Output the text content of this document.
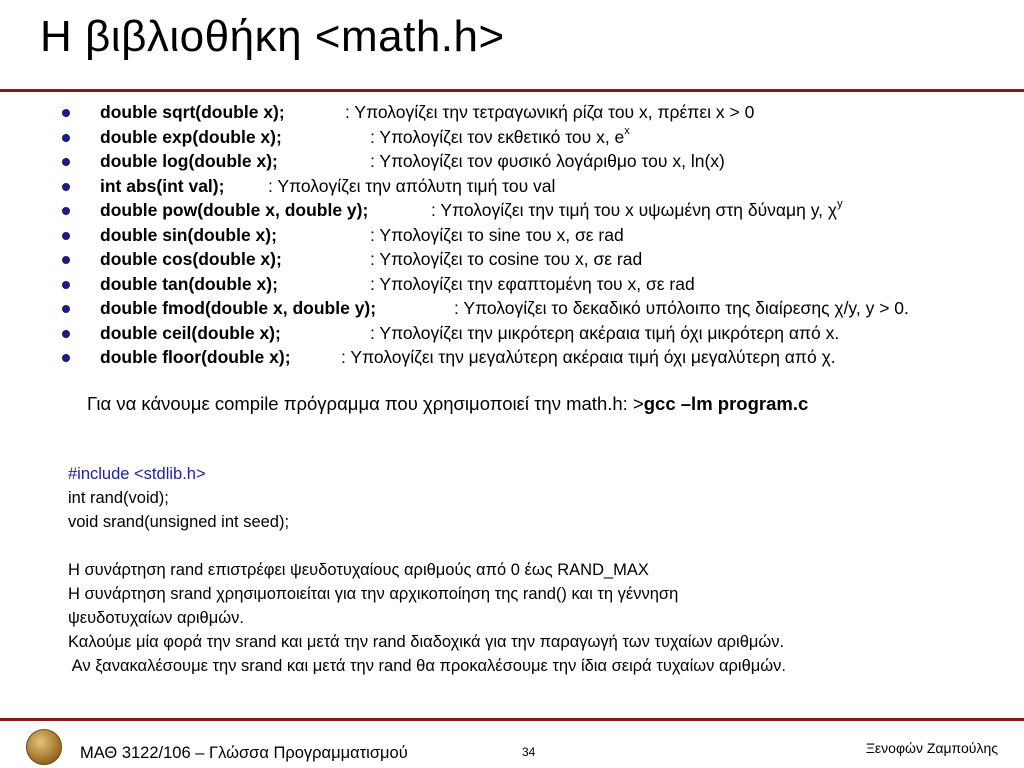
Η βιβλιοθήκη <math.h>
double sqrt(double x);	: Υπολογίζει την τετραγωνική ρίζα του x, πρέπει x > 0
double exp(double x);	: Υπολογίζει τον εκθετικό του x, $e^x$
double log(double x);	: Υπολογίζει τον φυσικό λογάριθμο του x, ln(x)
int abs(int val); : Υπολογίζει την απόλυτη τιμή του val
double pow(double x, double y);	: Υπολογίζει την τιμή του x υψωμένη στη δύναμη y, $\chi^y$
double sin(double x);	: Υπολογίζει το sine του x, σε rad
double cos(double x);	: Υπολογίζει το cosine του x, σε rad
double tan(double x);	: Υπολογίζει την εφαπτομένη του x, σε rad
double fmod(double x, double y);	: Υπολογίζει το δεκαδικό υπόλοιπο της διαίρεσης χ/y, y > 0.
double ceil(double x);	: Υπολογίζει την μικρότερη ακέραια τιμή όχι μικρότερη από x.
double floor(double x);	: Υπολογίζει την μεγαλύτερη ακέραια τιμή όχι μεγαλύτερη από χ.
Για να κάνουμε compile πρόγραμμα που χρησιμοποιεί την math.h: >gcc –lm program.c
#include <stdlib.h>
int rand(void);
void srand(unsigned int seed);
Η συνάρτηση rand επιστρέφει ψευδοτυχαίους αριθμούς από 0 έως RAND_MAX
Η συνάρτηση srand χρησιμοποιείται για την αρχικοποίηση της rand() και τη γέννηση
ψευδοτυχαίων αριθμών.
Καλούμε μία φορά την srand και μετά την rand διαδοχικά για την παραγωγή των τυχαίων αριθμών.
Αν ξανακαλέσουμε την srand και μετά την rand θα προκαλέσουμε την ίδια σειρά τυχαίων αριθμών.
ΜΑΘ 3122/106 – Γλώσσα Προγραμματισμού	34	Ξενοφών Ζαμπούλης
